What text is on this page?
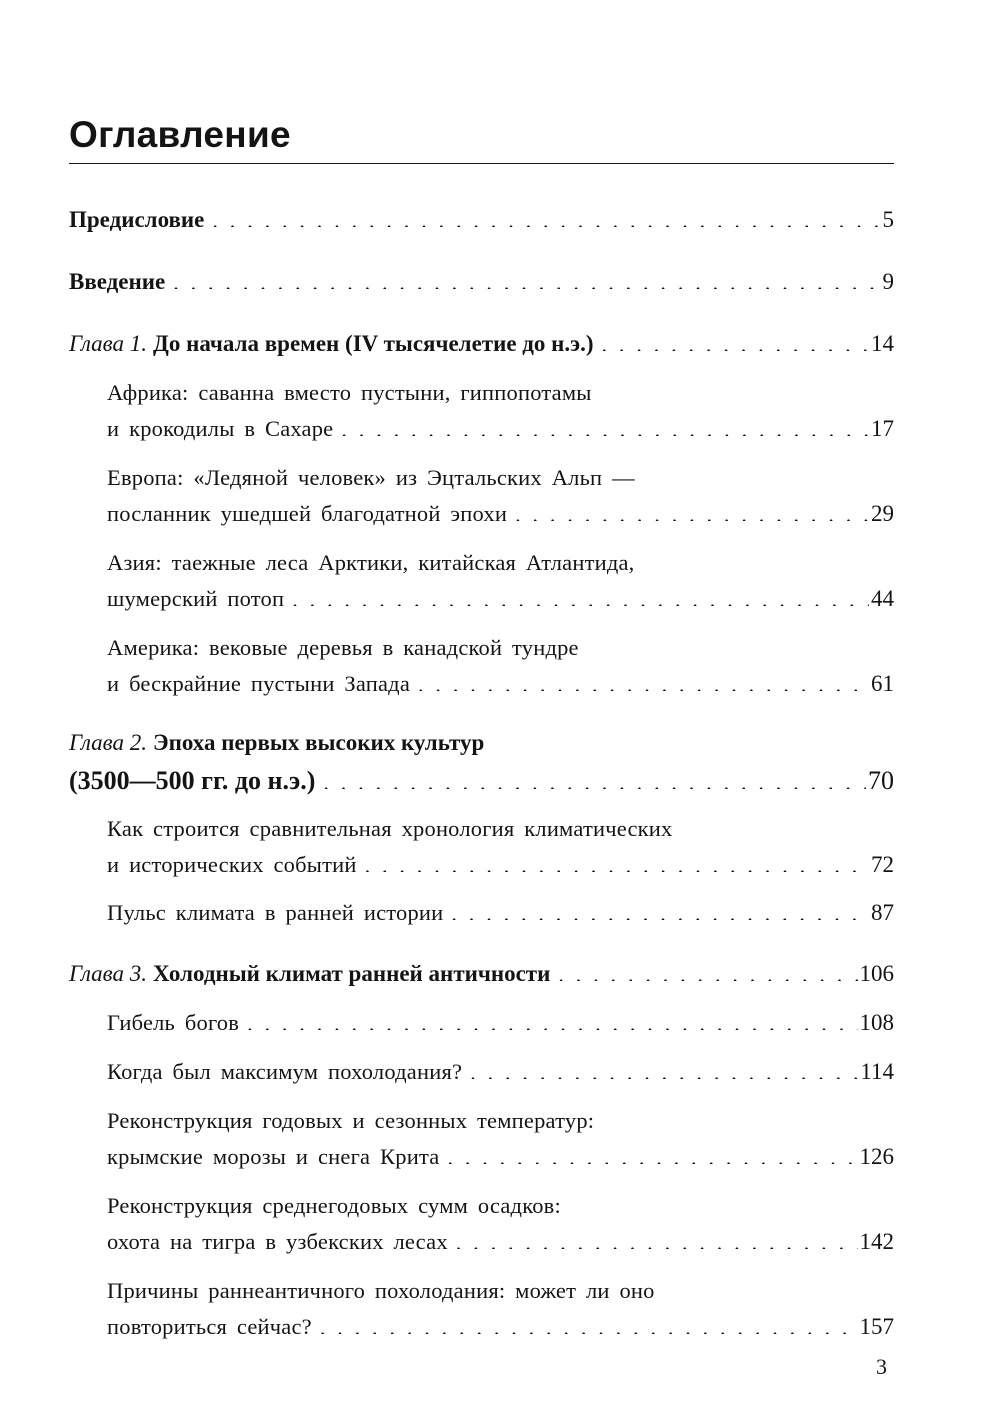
Оглавление
Предисловие . . .	5
Введение . . .	9
Глава 1. До начала времен (IV тысячелетие до н.э.) . . .	14
Африка: саванна вместо пустыни, гиппопотамы
и крокодилы в Сахаре . . .	17
Европа: «Ледяной человек» из Эцтальских Альп —
посланник ушедшей благодатной эпохи . . .	29
Азия: таежные леса Арктики, китайская Атлантида,
шумерский потоп . . .	44
Америка: вековые деревья в канадской тундре
и бескрайние пустыни Запада . . .	61
Глава 2. Эпоха первых высоких культур
(3500—500 гг. до н.э.) . . .	70
Как строится сравнительная хронология климатических
и исторических событий . . .	72
Пульс климата в ранней истории . . .	87
Глава 3. Холодный климат ранней античности . . .	106
Гибель богов . . .	108
Когда был максимум похолодания? . . .	114
Реконструкция годовых и сезонных температур:
крымские морозы и снега Крита . . .	126
Реконструкция среднегодовых сумм осадков:
охота на тигра в узбекских лесах . . .	142
Причины раннеантичного похолодания: может ли оно
повториться сейчас? . . .	157
3
